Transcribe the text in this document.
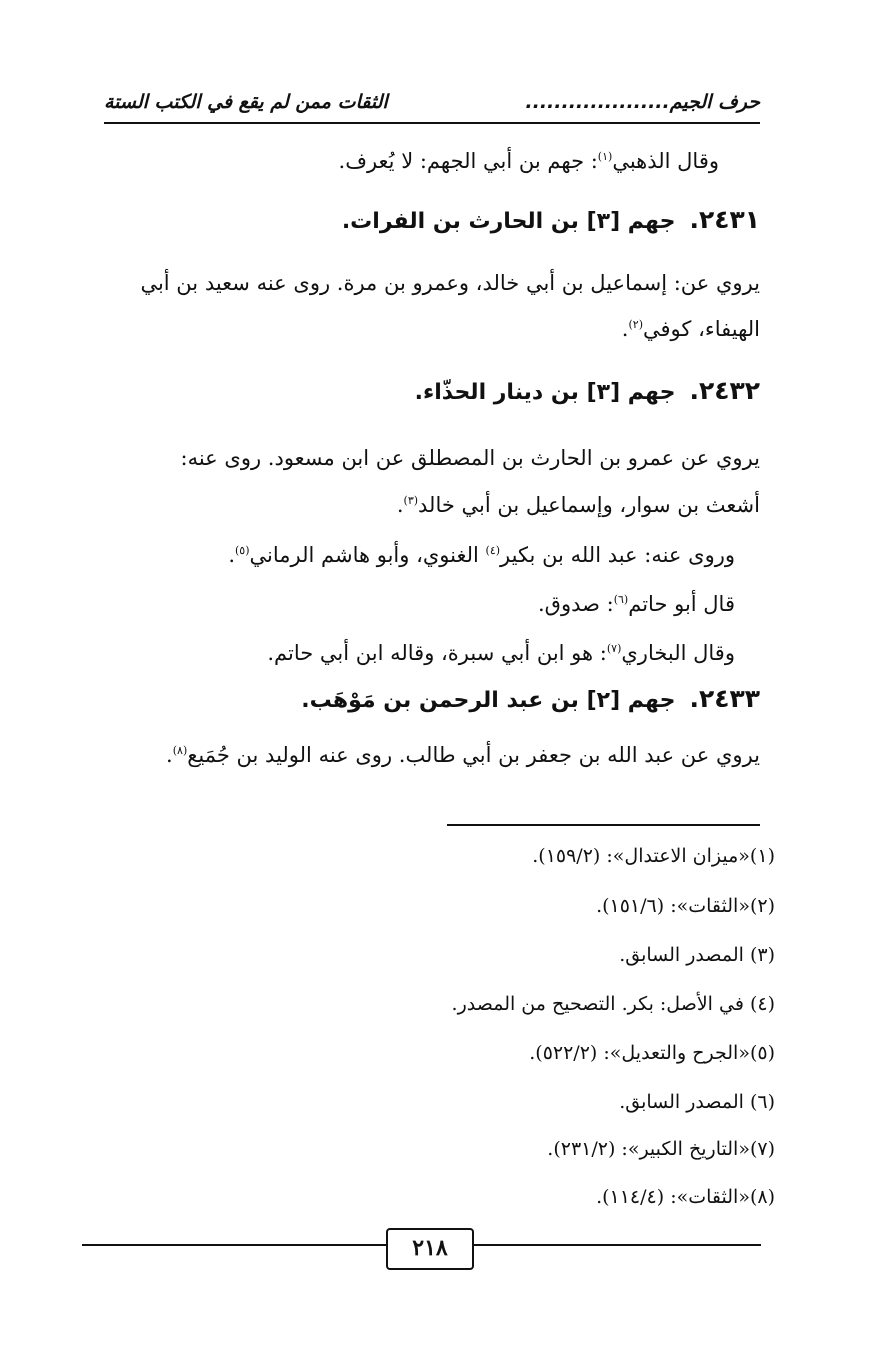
حرف الجيم....................
الثقات ممن لم يقع في الكتب الستة
وقال الذهبي$^{(١)}$: جهم بن أبي الجهم: لا يُعرف.
٢٤٣١.جهم [٣] بن الحارث بن الفرات.
يروي عن: إسماعيل بن أبي خالد، وعمرو بن مرة. روى عنه سعيد بن أبي
الهيفاء، كوفي$^{(٢)}$.
٢٤٣٢.جهم [٣] بن دينار الحذّاء.
يروي عن عمرو بن الحارث بن المصطلق عن ابن مسعود. روى عنه:
أشعث بن سوار، وإسماعيل بن أبي خالد$^{(٣)}$.
وروى عنه: عبد الله بن بكير$^{(٤)}$ الغنوي، وأبو هاشم الرماني$^{(٥)}$.
قال أبو حاتم$^{(٦)}$: صدوق.
وقال البخاري$^{(٧)}$: هو ابن أبي سبرة، وقاله ابن أبي حاتم.
٢٤٣٣.جهم [٢] بن عبد الرحمن بن مَوْهَب.
يروي عن عبد الله بن جعفر بن أبي طالب. روى عنه الوليد بن جُمَيع$^{(٨)}$.
(١)«ميزان الاعتدال»: (١٥٩/٢).
(٢)«الثقات»: (١٥١/٦).
(٣) المصدر السابق.
(٤) في الأصل: بكر. التصحيح من المصدر.
(٥)«الجرح والتعديل»: (٥٢٢/٢).
(٦) المصدر السابق.
(٧)«التاريخ الكبير»: (٢٣١/٢).
(٨)«الثقات»: (١١٤/٤).
٢١٨
